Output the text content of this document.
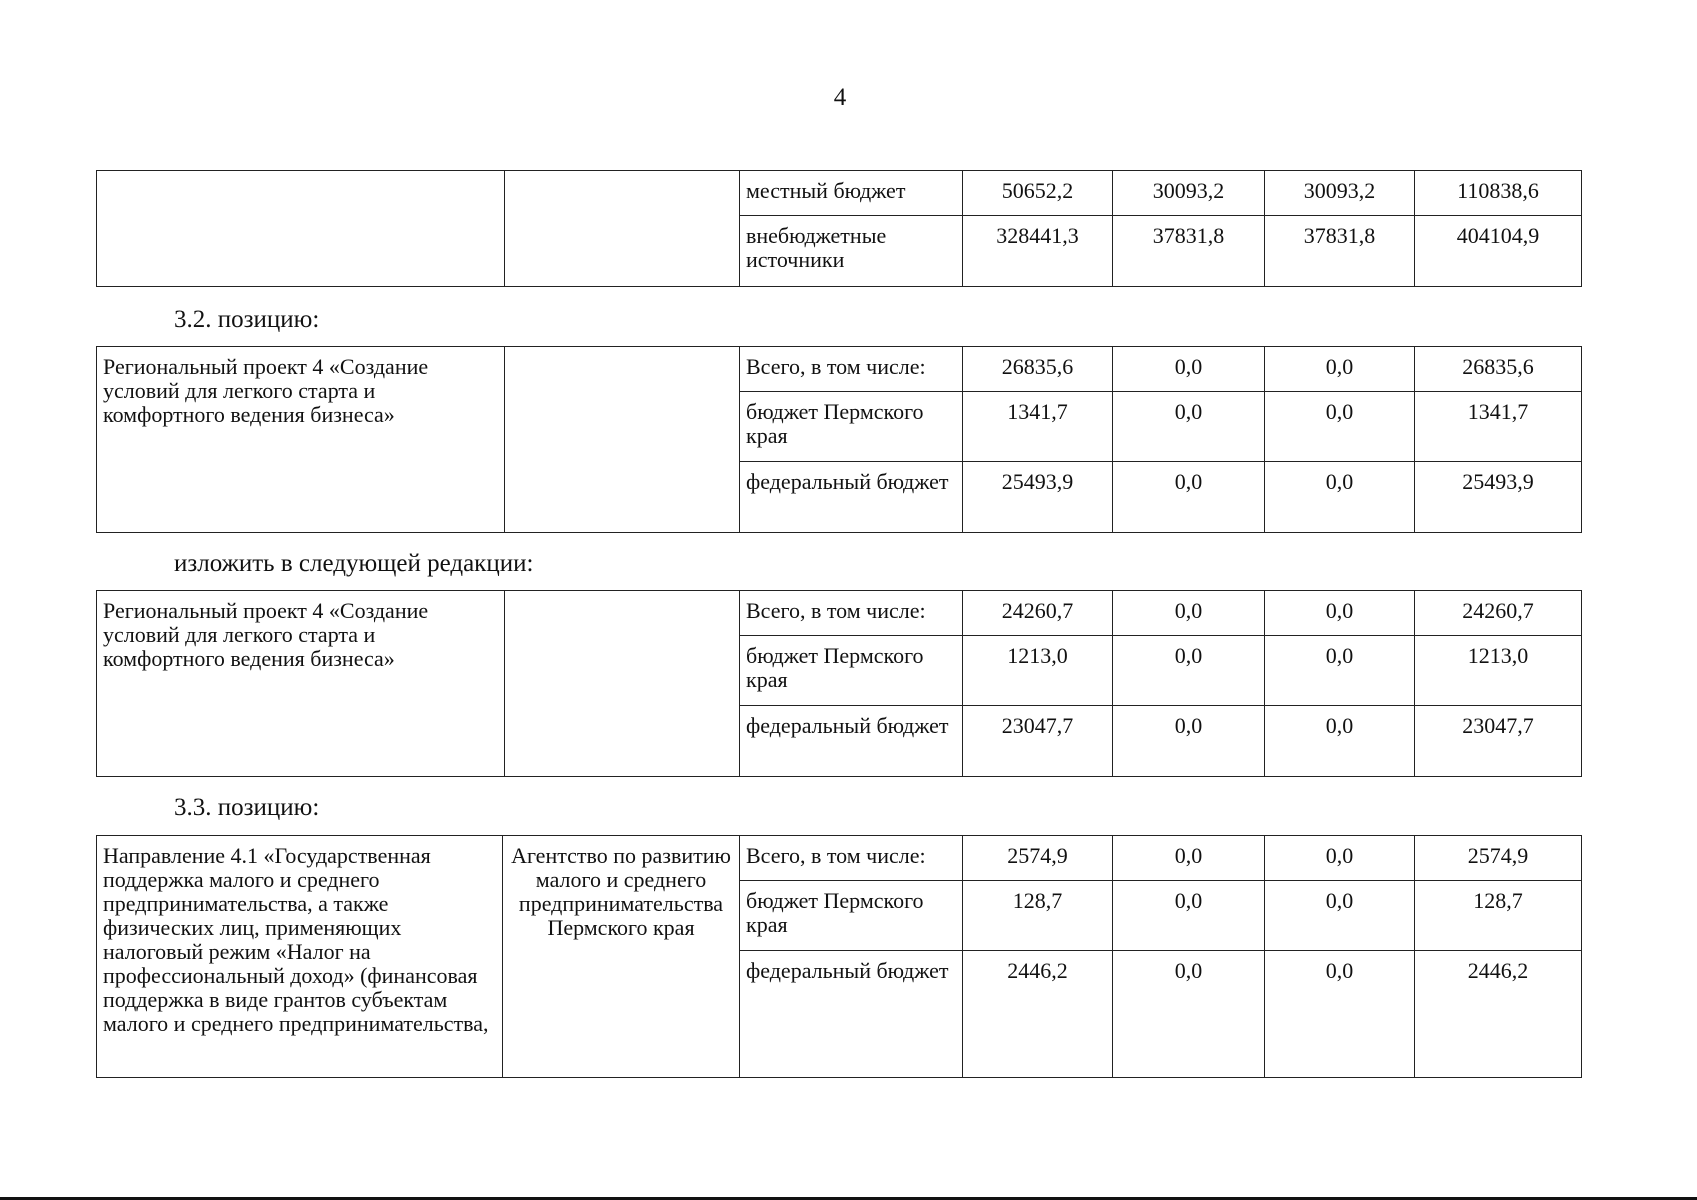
4
		местный бюджет	50652,2	30093,2	30093,2	110838,6
		внебюджетные источники	328441,3	37831,8	37831,8	404104,9
3.2. позицию:
Региональный проект 4 «Создание условий для легкого старта и комфортного ведения бизнеса»		Всего, в том числе:	26835,6	0,0	0,0	26835,6
		бюджет Пермского края	1341,7	0,0	0,0	1341,7
		федеральный бюджет	25493,9	0,0	0,0	25493,9
изложить в следующей редакции:
Региональный проект 4 «Создание условий для легкого старта и комфортного ведения бизнеса»		Всего, в том числе:	24260,7	0,0	0,0	24260,7
		бюджет Пермского края	1213,0	0,0	0,0	1213,0
		федеральный бюджет	23047,7	0,0	0,0	23047,7
3.3. позицию:
Направление 4.1 «Государственная поддержка малого и среднего предпринимательства, а также физических лиц, применяющих налоговый режим «Налог на профессиональный доход» (финансовая поддержка в виде грантов субъектам малого и среднего предпринимательства,	Агентство по развитию малого и среднего предпринимательства Пермского края	Всего, в том числе:	2574,9	0,0	0,0	2574,9
		бюджет Пермского края	128,7	0,0	0,0	128,7
		федеральный бюджет	2446,2	0,0	0,0	2446,2
